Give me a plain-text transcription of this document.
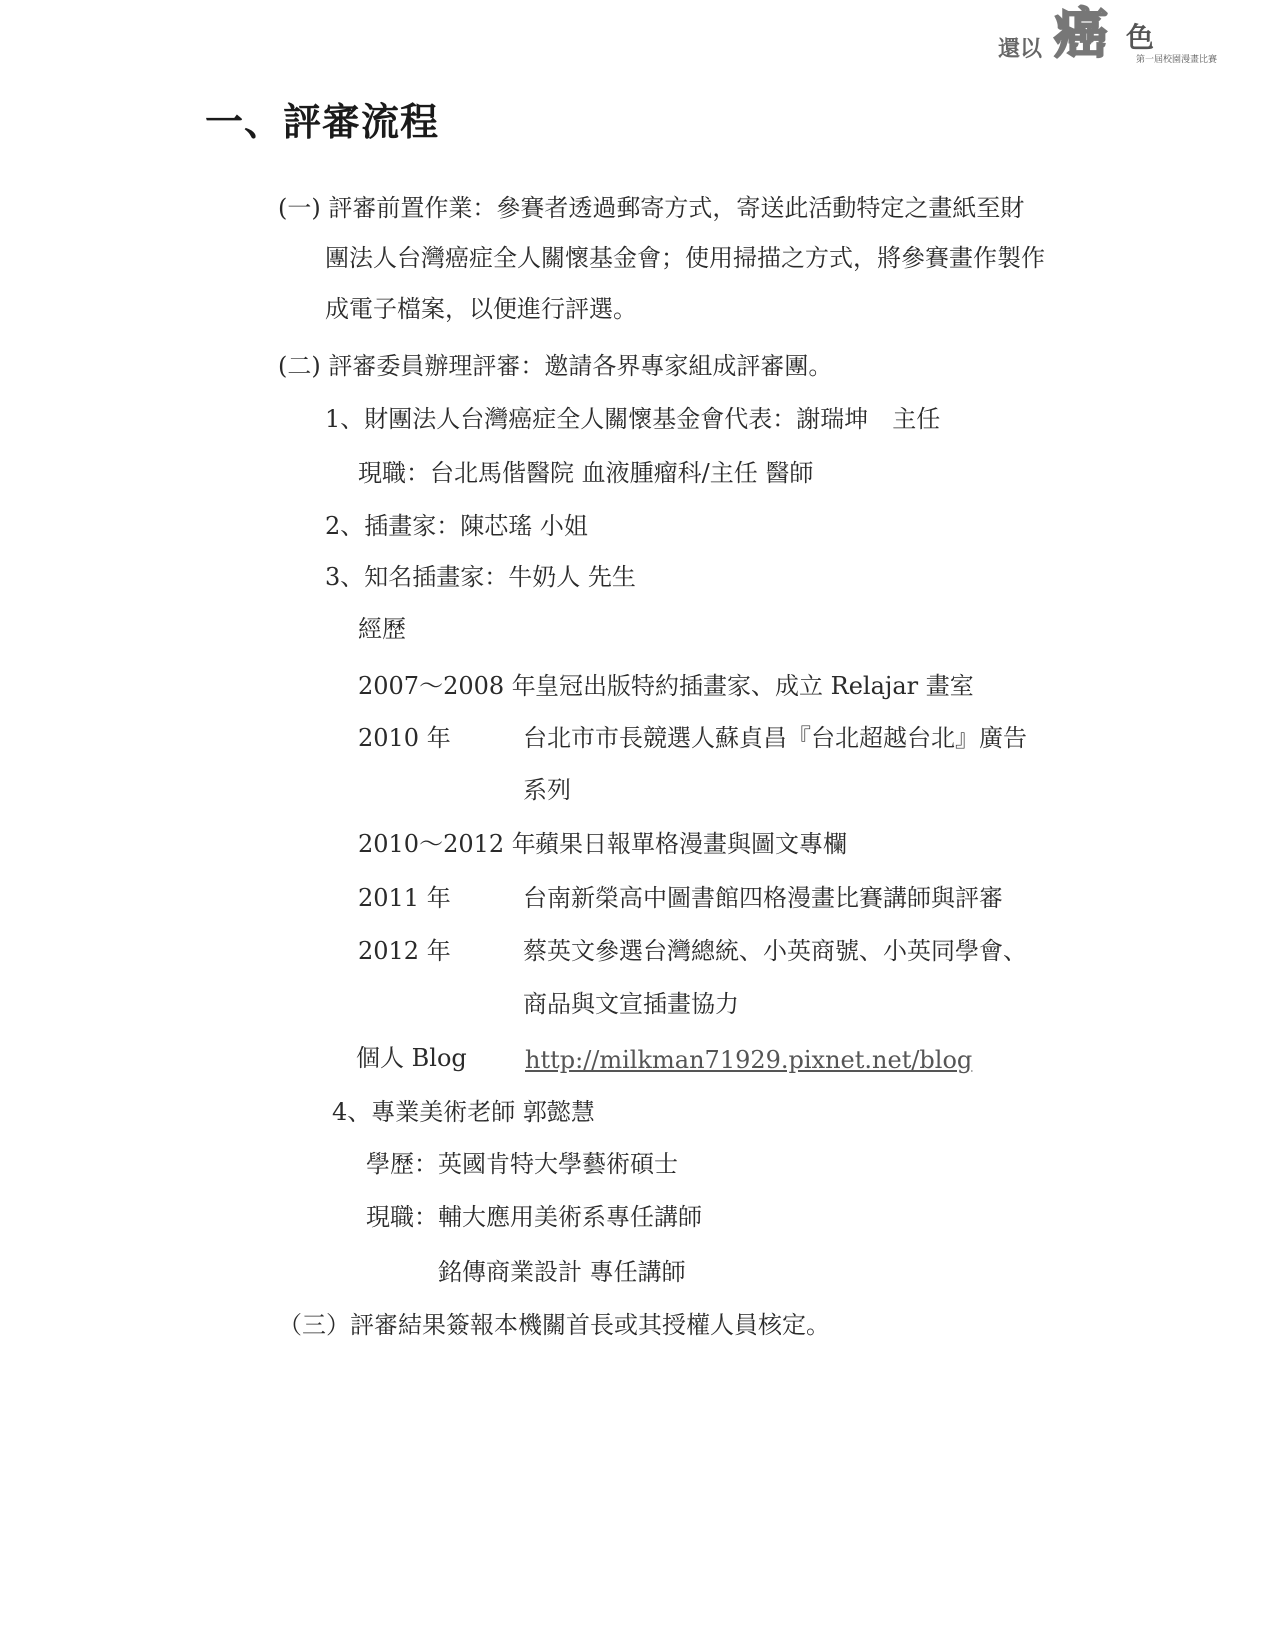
還以 癌 色
第一屆校園漫畫比賽
一、評審流程
(一) 評審前置作業：參賽者透過郵寄方式，寄送此活動特定之畫紙至財
團法人台灣癌症全人關懷基金會；使用掃描之方式，將參賽畫作製作
成電子檔案，以便進行評選。
(二) 評審委員辦理評審：邀請各界專家組成評審團。
1、財團法人台灣癌症全人關懷基金會代表：謝瑞坤　主任
現職：台北馬偕醫院 血液腫瘤科/主任 醫師
2、插畫家：陳芯瑤 小姐
3、知名插畫家：牛奶人 先生
經歷
2007～2008 年 皇冠出版特約插畫家、成立 Relajar 畫室
2010 年	台北市市長競選人蘇貞昌『台北超越台北』廣告
系列
2010～2012 年 蘋果日報單格漫畫與圖文專欄
2011 年	台南新榮高中圖書館四格漫畫比賽講師與評審
2012 年	蔡英文參選台灣總統、小英商號、小英同學會、
商品與文宣插畫協力
個人 Blog http://milkman71929.pixnet.net/blog
4、專業美術老師 郭懿慧
學歷：英國肯特大學藝術碩士
現職：輔大應用美術系專任講師
銘傳商業設計 專任講師
（三）評審結果簽報本機關首長或其授權人員核定。
